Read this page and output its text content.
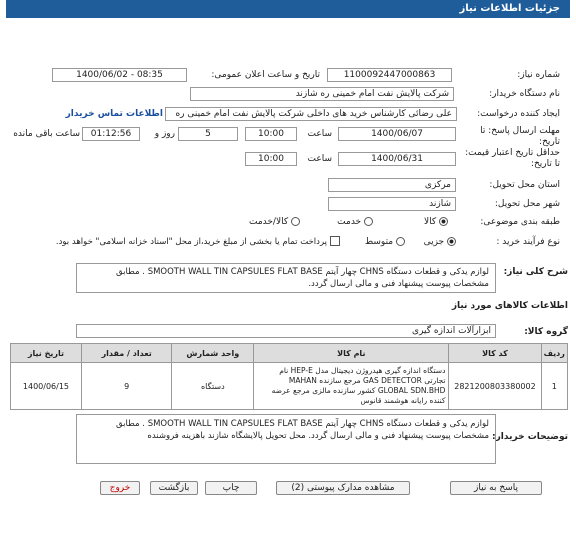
جزئیات اطلاعات نیاز
شماره نیاز:
1100092447000863
تاریخ و ساعت اعلان عمومی:
1400/06/02 - 08:35
نام دستگاه خریدار:
شرکت پالایش نفت امام خمینی ره شازند
ایجاد کننده درخواست:
علی رضائی کارشناس خرید های داخلی شرکت پالایش نفت امام خمینی ره
اطلاعات تماس خریدار
مهلت ارسال پاسخ: تا تاریخ:
1400/06/07
ساعت
10:00
5
روز و
01:12:56
ساعت باقی مانده
حداقل تاریخ اعتبار قیمت: تا تاریخ:
1400/06/31
ساعت
10:00
استان محل تحویل:
مرکزی
شهر محل تحویل:
شازند
طبقه بندی موضوعی:
کالا
خدمت
کالا/خدمت
نوع فرآیند خرید :
جزیی
متوسط
پرداخت تمام یا بخشی از مبلغ خرید،از محل "اسناد خزانه اسلامی" خواهد بود.
شرح کلی نیاز:
لوازم یدکی و قطعات دستگاه CHNS چهار آیتم SMOOTH WALL TIN CAPSULES FLAT BASE . مطابق مشخصات پیوست پیشنهاد فنی و مالی ارسال گردد.
اطلاعات کالاهای مورد نیاز
گروه کالا:
ابزارآلات اندازه گیری
تاریخ نیاز	تعداد / مقدار	واحد شمارش	نام کالا	کد کالا	ردیف
1400/06/15	9	دستگاه	دستگاه اندازه گیری هیدروژن دیجیتال مدل HEP-E نام تجارتی GAS DETECTOR مرجع سازنده MAHAN GLOBAL SDN.BHD کشور سازنده مالزی مرجع عرضه کننده رایانه هوشمند قانوس	2821200803380002	1
توضیحات خریدار:
لوازم یدکی و قطعات دستگاه CHNS چهار آیتم SMOOTH WALL TIN CAPSULES FLAT BASE . مطابق مشخصات پیوست پیشنهاد فنی و مالی ارسال گردد. محل تحویل پالایشگاه شازند باهزینه فروشنده
پاسخ به نیاز
مشاهده مدارک پیوستی (2)
چاپ
بازگشت
خروج
